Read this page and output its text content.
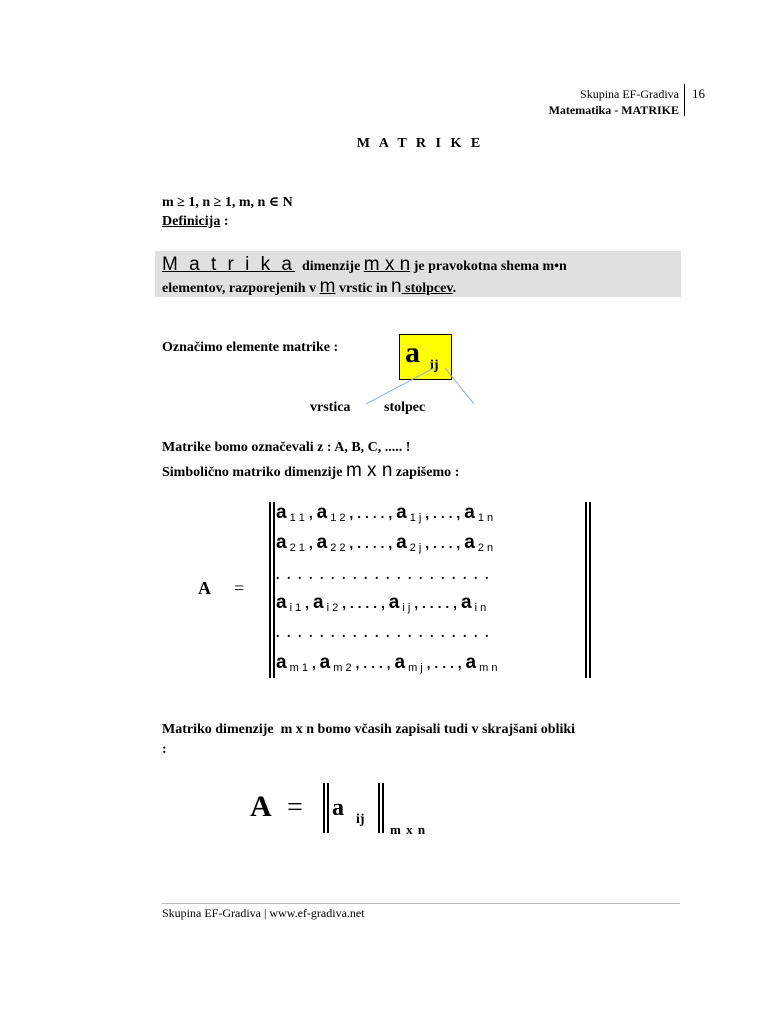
Skupina EF-Gradiva
Matematika - MATRIKE
16
M A T R I K E
m ≥ 1, n ≥ 1, m, n ∈ N
Definicija :
M a t r i k a  dimenzije m x n je pravokotna shema m•n
elementov, razporejenih v m vrstic in n stolpcev.
Označimo elemente matrike : a ij
vrstica stolpec
Matrike bomo označevali z : A, B, C, ..... !
Simbolično matriko dimenzije m x n zapišemo :
A =
a $_{1 1}$ , a $_{1 2}$ , . . . . , a $_{1 j}$ , . . . , a $_{1 n}$
a $_{2 1}$ , a $_{2 2}$ , . . . . , a $_{2 j}$ , . . . , a $_{2 n}$
....................
a $_{i 1}$ , a $_{i 2}$ , . . . . , a $_{i j}$ , . . . . , a $_{i n}$
....................
a $_{m 1}$ , a $_{m 2}$ , . . . , a $_{m j}$ , . . . , a $_{m n}$
Matriko dimenzije  m x n bomo včasih zapisali tudi v skrajšani obliki
:
A = a ij
m x n
Skupina EF-Gradiva | www.ef-gradiva.net
